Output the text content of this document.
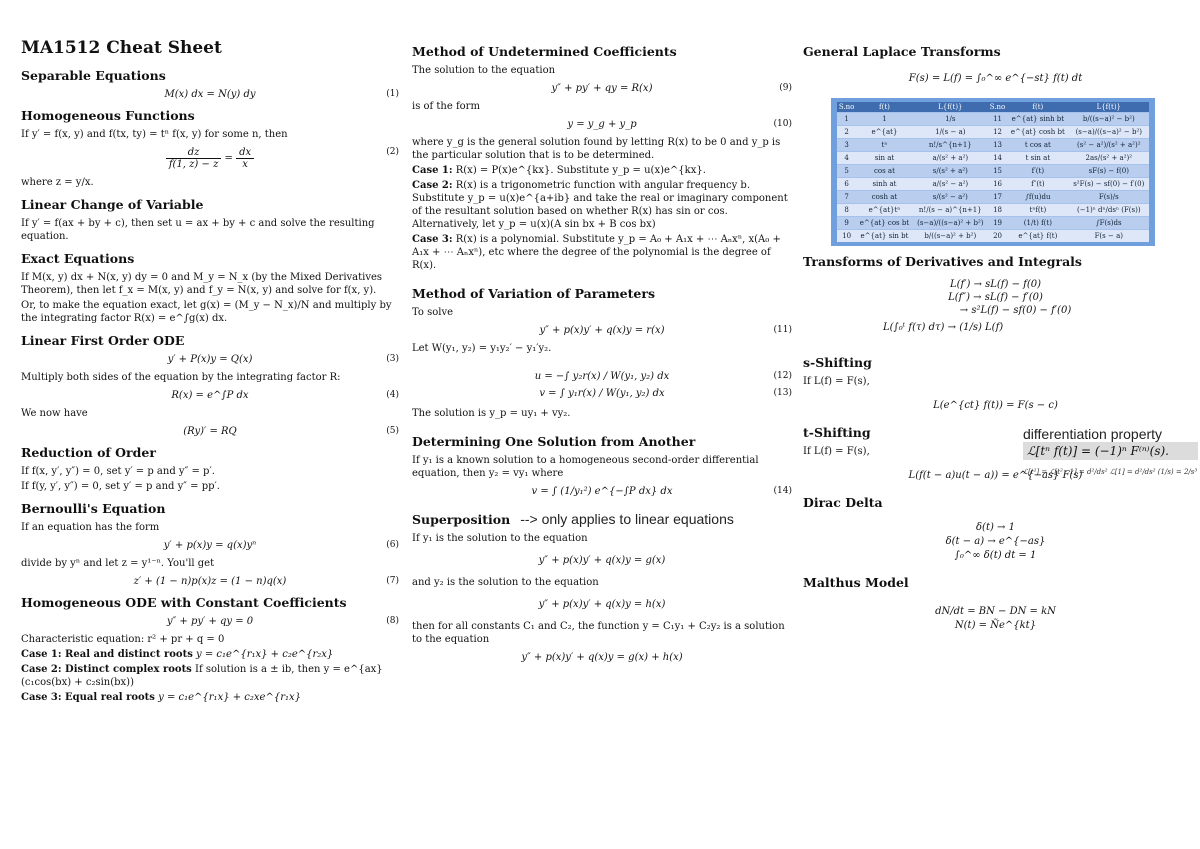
MA1512 Cheat Sheet
Separable Equations
M(x) dx = N(y) dy	(1)
Homogeneous Functions

If y′ = f(x, y) and f(tx, ty) = tⁿ f(x, y) for some n, then

$\frac{dz}{f(1, z) - z} = \frac{dx}{x}$	(2)

where z = y/x.

Linear Change of Variable

If y′ = f(ax + by + c), then set u = ax + by + c and solve the resulting equation.

Exact Equations

If M(x, y) dx + N(x, y) dy = 0 and M_y = N_x (by the Mixed Derivatives Theorem), then let f_x = M(x, y) and f_y = N(x, y) and solve for f(x, y).

Or, to make the equation exact, let g(x) = (M_y − N_x)/N and multiply by the integrating factor R(x) = e^∫g(x) dx.

Linear First Order ODE
y′ + P(x)y = Q(x)	(3)

Multiply both sides of the equation by the integrating factor R:

R(x) = e^∫P dx	(4)

We now have

(Ry)′ = RQ	(5)
Reduction of Order

If f(x, y′, y″) = 0, set y′ = p and y″ = p′.

If f(y, y′, y″) = 0, set y′ = p and y″ = pp′.

Bernoulli's Equation

If an equation has the form

y′ + p(x)y = q(x)yⁿ	(6)

divide by yⁿ and let z = y¹⁻ⁿ. You'll get

z′ + (1 − n)p(x)z = (1 − n)q(x)	(7)
Homogeneous ODE with Constant Coefficients
y″ + py′ + qy = 0	(8)

Characteristic equation: r² + pr + q = 0

Case 1: Real and distinct roots y = c₁e^{r₁x} + c₂e^{r₂x}

Case 2: Distinct complex roots If solution is a ± ib, then y = e^{ax}(c₁cos(bx) + c₂sin(bx))

Case 3: Equal real roots y = c₁e^{r₁x} + c₂xe^{r₁x}

Method of Undetermined Coefficients

The solution to the equation

y″ + py′ + qy = R(x)	(9)

is of the form

y = y_g + y_p	(10)

where y_g is the general solution found by letting R(x) to be 0 and y_p is the particular solution that is to be determined.

Case 1: R(x) = P(x)e^{kx}. Substitute y_p = u(x)e^{kx}.

Case 2: R(x) is a trigonometric function with angular frequency b. Substitute y_p = u(x)e^{a+ib} and take the real or imaginary component of the resultant solution based on whether R(x) has sin or cos. Alternatively, let y_p = u(x)(A sin bx + B cos bx)

Case 3: R(x) is a polynomial. Substitute y_p = A₀ + A₁x + ⋯ Aₙxⁿ, x(A₀ + A₁x + ⋯ Aₙxⁿ), etc where the degree of the polynomial is the degree of R(x).

Method of Variation of Parameters

To solve

y″ + p(x)y′ + q(x)y = r(x)	(11)

Let W(y₁, y₂) = y₁y₂′ − y₁′y₂.

u = −∫ y₂r(x) / W(y₁, y₂) dx	(12)
v = ∫ y₁r(x) / W(y₁, y₂) dx	(13)

The solution is y_p = uy₁ + vy₂.

Determining One Solution from Another

If y₁ is a known solution to a homogeneous second-order differential equation, then y₂ = vy₁ where

v = ∫ (1/y₁²) e^{−∫P dx} dx	(14)
Superposition --> only applies to linear equations

If y₁ is the solution to the equation

y″ + p(x)y′ + q(x)y = g(x)

and y₂ is the solution to the equation

y″ + p(x)y′ + q(x)y = h(x)

then for all constants C₁ and C₂, the function y = C₁y₁ + C₂y₂ is a solution to the equation

y″ + p(x)y′ + q(x)y = g(x) + h(x)
General Laplace Transforms
F(s) = L(f) = ∫₀^∞ e^{−st} f(t) dt
S.no	f(t)	L{f(t)}	S.no	f(t)	L{f(t)}
1	1	1/s	11	e^{at} sinh bt	b/((s−a)² − b²)
2	e^{at}	1/(s − a)	12	e^{at} cosh bt	(s−a)/((s−a)² − b²)
3	tⁿ	n!/s^{n+1}	13	t cos at	(s² − a²)/(s² + a²)²
4	sin at	a/(s² + a²)	14	t sin at	2as/(s² + a²)²
5	cos at	s/(s² + a²)	15	f′(t)	sF(s) − f(0)
6	sinh at	a/(s² − a²)	16	f″(t)	s²F(s) − sf(0) − f′(0)
7	cosh at	s/(s² − a²)	17	∫f(u)du	F(s)/s
8	e^{at}tⁿ	n!/(s − a)^{n+1}	18	tⁿf(t)	(−1)ⁿ dⁿ/dsⁿ (F(s))
9	e^{at} cos bt	(s−a)/((s−a)² + b²)	19	(1/t) f(t)	∫F(s)ds
10	e^{at} sin bt	b/((s−a)² + b²)	20	e^{at} f(t)	F(s − a)
Transforms of Derivatives and Integrals
L(f′) → sL(f) − f(0)
L(f″) → sL(f) − f′(0)
→ s²L(f) − sf(0) − f′(0)
L(∫₀ᵗ f(τ) dτ) → (1/s) L(f)
differentiation property
ℒ[tⁿ f(t)] = (−1)ⁿ F⁽ⁿ⁾(s).
ℒ[t²] = ℒ[t² · 1] = d²/ds² ℒ[1] = d²/ds² (1/s) = 2/s³
s-Shifting

If L(f) = F(s),

L(e^{ct} f(t)) = F(s − c)
t-Shifting

If L(f) = F(s),

L(f(t − a)u(t − a)) = e^{−as} F(s)
Dirac Delta
δ(t) → 1
δ(t − a) → e^{−as}
∫₀^∞ δ(t) dt = 1
Malthus Model
dN/dt = BN − DN = kN
N(t) = Ñe^{kt}
